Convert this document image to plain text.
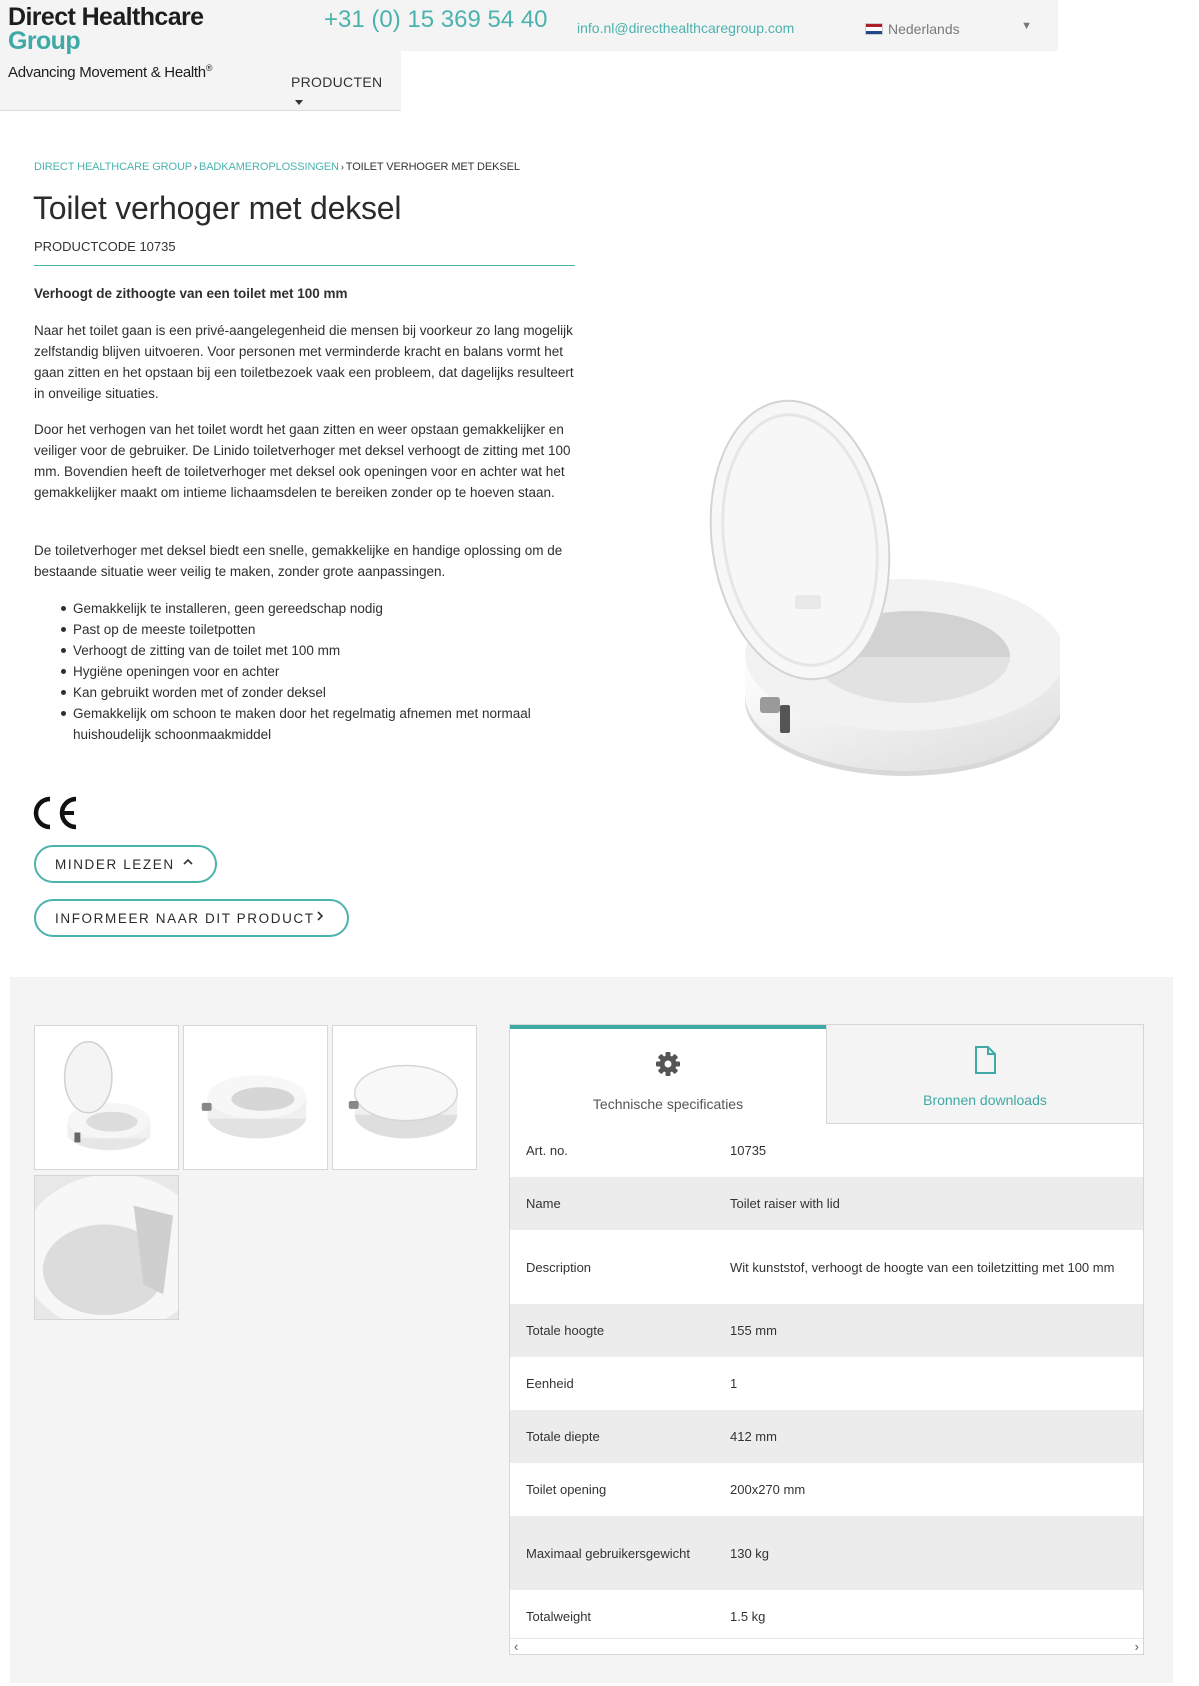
Direct Healthcare
Group
Advancing Movement & Health®
PRODUCTEN
+31 (0) 15 369 54 40 info.nl@directhealthcaregroup.com	Nederlands	▼
DIRECT HEALTHCARE GROUP › BADKAMEROPLOSSINGEN › TOILET VERHOGER MET DEKSEL
Toilet verhoger met deksel
PRODUCTCODE 10735

Verhoogt de zithoogte van een toilet met 100 mm

Naar het toilet gaan is een privé-aangelegenheid die mensen bij voorkeur zo lang mogelijk zelfstandig blijven uitvoeren. Voor personen met verminderde kracht en balans vormt het gaan zitten en het opstaan bij een toiletbezoek vaak een probleem, dat dagelijks resulteert in onveilige situaties.

Door het verhogen van het toilet wordt het gaan zitten en weer opstaan gemakkelijker en veiliger voor de gebruiker. De Linido toiletverhoger met deksel verhoogt de zitting met 100 mm. Bovendien heeft de toiletverhoger met deksel ook openingen voor en achter wat het gemakkelijker maakt om intieme lichaamsdelen te bereiken zonder op te hoeven staan.

De toiletverhoger met deksel biedt een snelle, gemakkelijke en handige oplossing om de bestaande situatie weer veilig te maken, zonder grote aanpassingen.

Gemakkelijk te installeren, geen gereedschap nodig
Past op de meeste toiletpotten
Verhoogt de zitting van de toilet met 100 mm
Hygiëne openingen voor en achter
Kan gebruikt worden met of zonder deksel
Gemakkelijk om schoon te maken door het regelmatig afnemen met normaal huishoudelijk schoonmaakmiddel
MINDER LEZEN
INFORMEER NAAR DIT PRODUCT
Technische specificaties	Bronnen downloads
Art. no.	10735
Name	Toilet raiser with lid
Description	Wit kunststof, verhoogt de hoogte van een toiletzitting met 100 mm
Totale hoogte	155 mm
Eenheid	1
Totale diepte	412 mm
Toilet opening	200x270 mm
Maximaal gebruikersgewicht	130 kg
Totalweight	1.5 kg
‹	›
